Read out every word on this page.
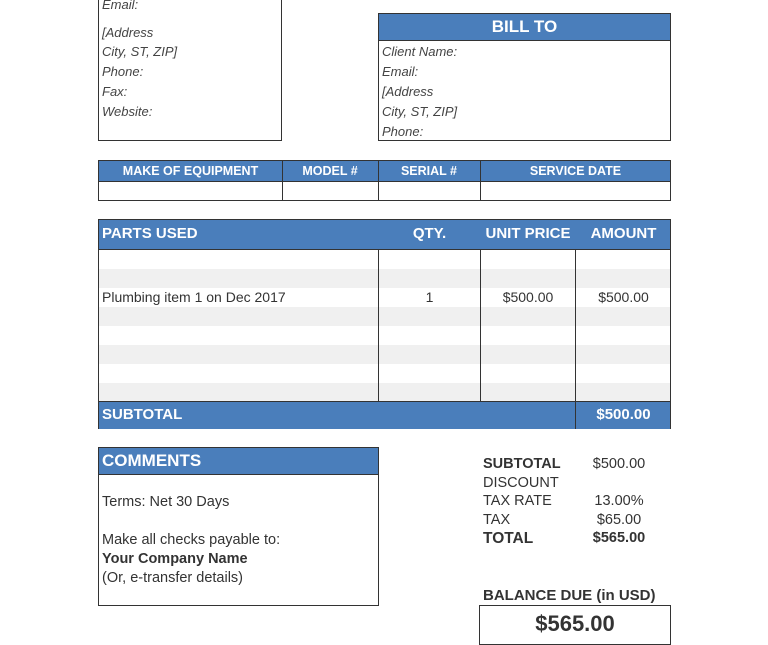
Email:
[Address
City, ST, ZIP]
Phone:
Fax:
Website:
BILL TO
Client Name:
Email:
[Address
City, ST, ZIP]
Phone:
MAKE OF EQUIPMENT	MODEL #	SERIAL #	SERVICE DATE
PARTS USED	QTY.	UNIT PRICE	AMOUNT
Plumbing item 1 on Dec 2017	1	$500.00	$500.00
SUBTOTAL	$500.00
COMMENTS
Terms: Net 30 Days
Make all checks payable to:
Your Company Name
(Or, e-transfer details)
SUBTOTAL	$500.00
DISCOUNT
TAX RATE	13.00%
TAX	$65.00
TOTAL	$565.00
BALANCE DUE (in USD)
$565.00
